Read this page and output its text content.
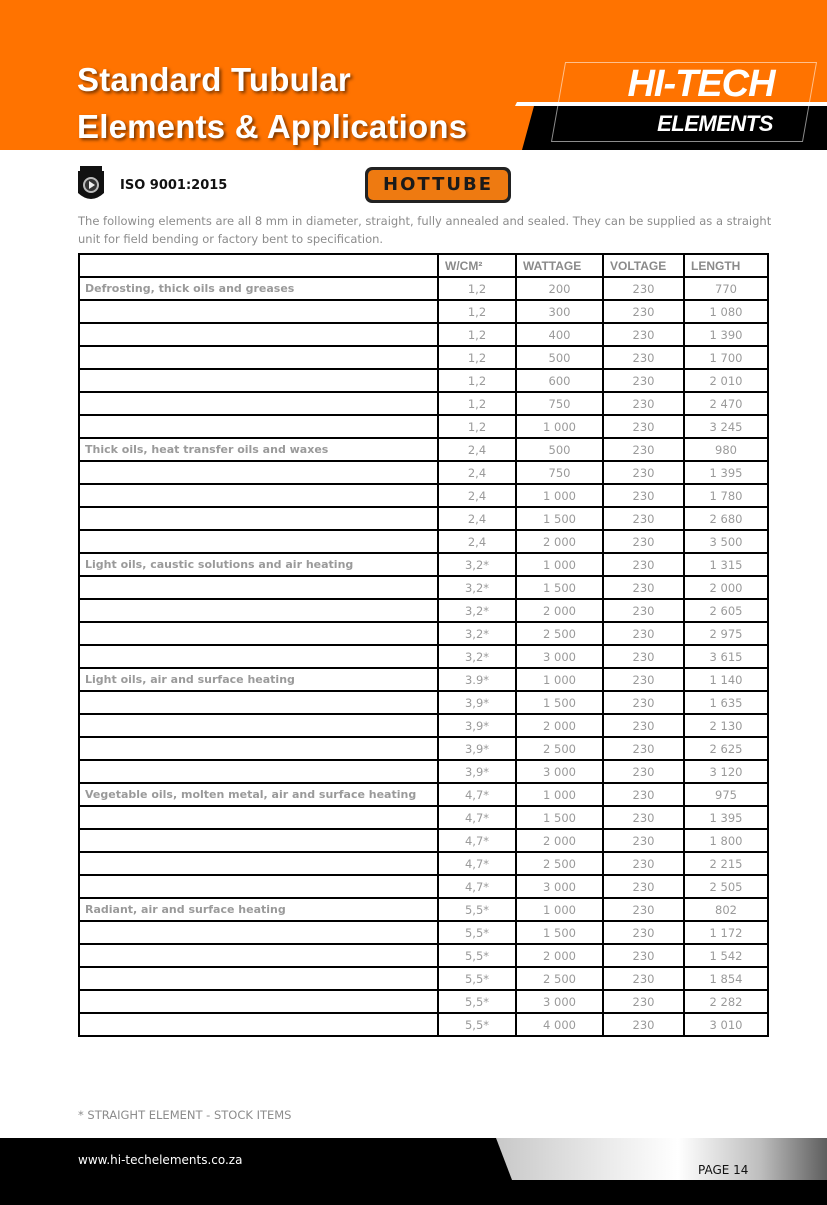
Standard Tubular
Elements & Applications
HI-TECH
ELEMENTS
ISO 9001:2015	HOTTUBE
The following elements are all 8 mm in diameter, straight, fully annealed and sealed. They can be supplied as a straight unit for field bending or factory bent to specification.
	W/CM²	WATTAGE	VOLTAGE	LENGTH
Defrosting, thick oils and greases	1,2	200	230	770
	1,2	300	230	1 080
	1,2	400	230	1 390
	1,2	500	230	1 700
	1,2	600	230	2 010
	1,2	750	230	2 470
	1,2	1 000	230	3 245
Thick oils, heat transfer oils and waxes	2,4	500	230	980
	2,4	750	230	1 395
	2,4	1 000	230	1 780
	2,4	1 500	230	2 680
	2,4	2 000	230	3 500
Light oils, caustic solutions and air heating	3,2*	1 000	230	1 315
	3,2*	1 500	230	2 000
	3,2*	2 000	230	2 605
	3,2*	2 500	230	2 975
	3,2*	3 000	230	3 615
Light oils, air and surface heating	3.9*	1 000	230	1 140
	3,9*	1 500	230	1 635
	3,9*	2 000	230	2 130
	3,9*	2 500	230	2 625
	3,9*	3 000	230	3 120
Vegetable oils, molten metal, air and surface heating	4,7*	1 000	230	975
	4,7*	1 500	230	1 395
	4,7*	2 000	230	1 800
	4,7*	2 500	230	2 215
	4,7*	3 000	230	2 505
Radiant, air and surface heating	5,5*	1 000	230	802
	5,5*	1 500	230	1 172
	5,5*	2 000	230	1 542
	5,5*	2 500	230	1 854
	5,5*	3 000	230	2 282
	5,5*	4 000	230	3 010
* STRAIGHT ELEMENT - STOCK ITEMS
www.hi-techelements.co.za
PAGE 14
